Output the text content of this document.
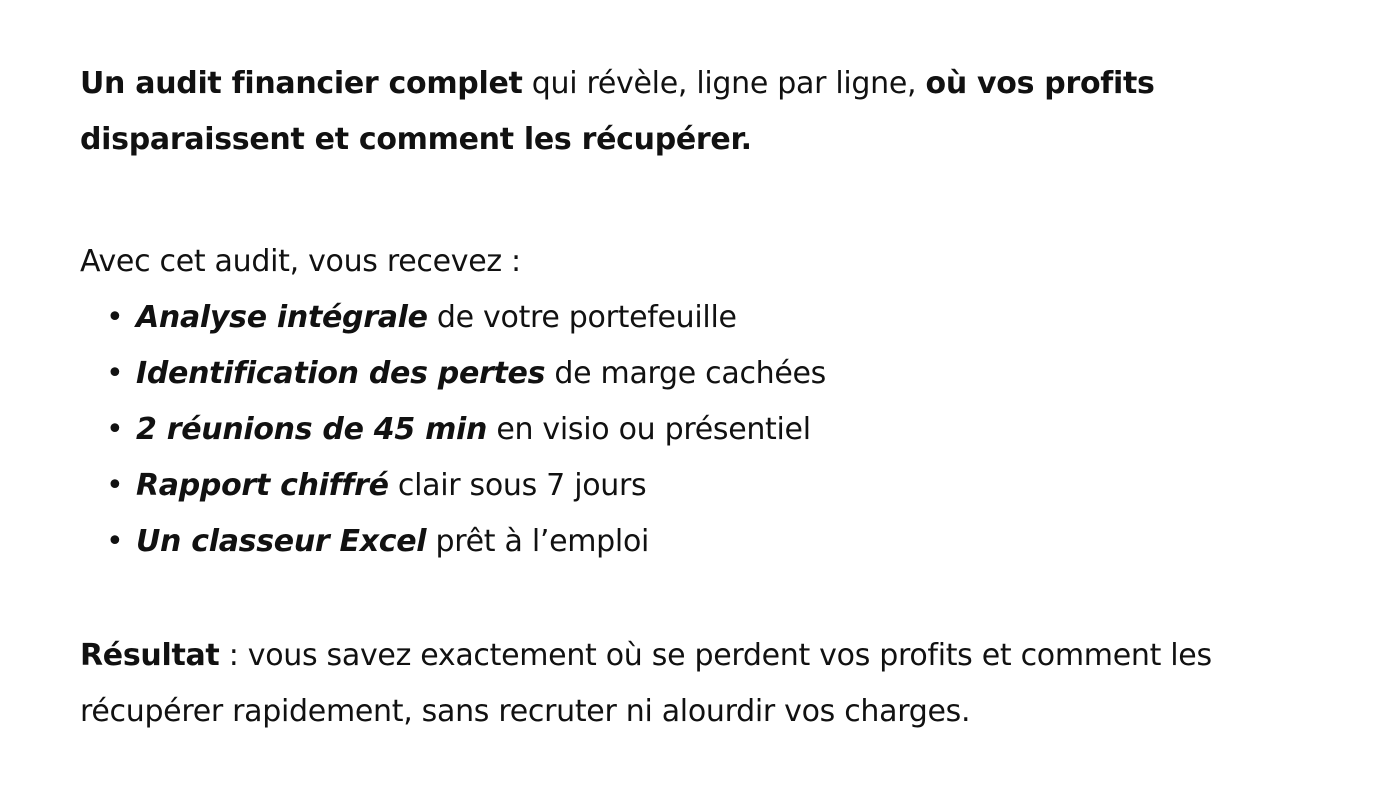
Un audit financier complet qui révèle, ligne par ligne, où vos profits disparaissent et comment les récupérer.

Avec cet audit, vous recevez :
• Analyse intégrale de votre portefeuille
• Identification des pertes de marge cachées
• 2 réunions de 45 min en visio ou présentiel
• Rapport chiffré clair sous 7 jours
• Un classeur Excel prêt à l’emploi

Résultat : vous savez exactement où se perdent vos profits et comment les récupérer rapidement, sans recruter ni alourdir vos charges.
